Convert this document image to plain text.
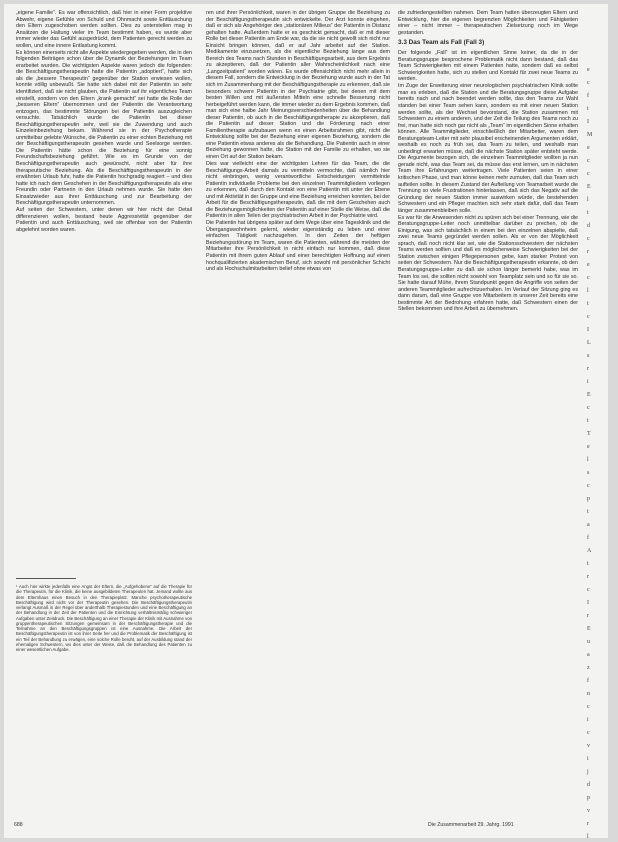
„eigene Familie“. Es war offensichtlich, daß hier in einer Form projektive Abwehr, eigene Gefühle von Schuld und Ohnmacht sowie Enttäuschung den Eltern zugeschoben werden sollten. Dies zu unterstellen mag in Ansätzen die Haltung vieler im Team bestimmt haben, es wurde aber immer wieder das Gefühl ausgedrückt, dem Patienten gerecht werden zu wollen, und eine innere Entlastung kommt.

Es können einerseits nicht alle Aspekte wiedergegeben werden, die in den folgenden Beiträgen schon über die Dynamik der Beziehungen im Team erarbeitet wurden. Die wichtigsten Aspekte waren jedoch die folgenden: die Beschäftigungstherapeutin hatte die Patientin „adoptiert“, hatte sich als die „bessere Therapeutin“ gegenüber der Station erwiesen wollen, konnte völlig unbewußt. Sie hatte sich dabei mit der Patientin so sehr identifiziert, daß sie nicht glauben, die Patientin auf ihr eigentliches Team einstellt, sondern von den Eltern „krank gemacht“ sei hatte die Rolle der „besseren Eltern“ übernommen und der Patientin die Verantwortung entzogen, das bestimmte Störungen bei der Patientin auszugleichen versuchte. Tatsächlich wurde die Patientin bei dieser Beschäftigungstherapeutin sehr, weil sie die Zuwendung und auch Einzeleinbeziehung bekam. Während sie in der Psychotherapie unmittelbar gelebte Wünsche, die Patientin zu einer echten Beziehung mit der Beschäftigungstherapeutin gesehen wurde und Seelsorge werden. Die Patientin hätte schon die Beziehung für eine sonnig Freundschaftsbeziehung geführt. Wie es im Grunde von der Beschäftigungstherapeutin auch gewünscht, nicht aber für ihre therapeutische Beziehung. Als die Beschäftigungstherapeutin in der erwähnten Urlaub fuhr, hatte die Patientin hochgradig reagiert – und dies hatte ich nach dem Geschehen in der Beschäftigungstherapeutin als eine Freundin oder Partnerin in den Urlaub nehmen wurde. Sie hatte den Einsatzwieder aus ihrer Enttäuschung und zur Bearbeitung der Beschäftigungstherapeutin unternommen.

Auf seiten der Schwestern, unter denen wir hier nicht der Detail differenzieren wollen, bestand heute Aggressivität gegenüber der Patientin und auch Enttäuschung, weil sie offenbar von der Patientin abgelehnt worden waren.

¹ Auch hier wirkte jedenfalls eine Angst der Eltern, die „Aufgehobene“ auf die Therapie für die Therapeutin, für die Klinik, die keine ausgebildeten Therapeuten hat. Jemand wollte aus dem Elternhaus einen Besuch in den Therapieplatz. Manche psychotherapeutische Beschäftigung wird nicht vor der Therapeutin gesehen. Die Beschäftigungstherapeutin verlangt Ausmaß in der Regel über anderthalb Therapiestunden und eine Beschäftigung an der Behandlung in der Zeit der Patienten und die Einrichtung verhältnismäßig schwieriger Aufgaben unter Zeitdruck. Die Beschäftigung an einer Therapie der Klinik mit Ausnahme von gruppentherapeutischen Sitzungen gemeinsam in der Beschäftigungstherapie und die Teilnahme an den Beschäftigungsgruppen ist eine Ausnahme. Die Arbeit der Beschäftigungstherapeutin ist von ihrer Seite her und die Problematik der Beschäftigung ist ein Teil der Behandlung zu erwägen, eine solche Rolle beruht, auf der Ausbildung stand der ehemaligen Schwestern, wo dies unter der Weise, daß die Behandlung des Patienten zu einer wesentlichen Aufgabe.

ren und ihrer Persönlichkeit, waren in der übrigen Gruppe die Beziehung zu der Beschäftigungstherapeutin sich entwickelte. Der Arzt konnte eingehen, daß er sich als Angehöriger des „stationären Milieus“ der Patientin in Distanz gehalten hatte. Außerdem hatte er es geschickt gemacht, daß er mit dieser Rolle bei dieser Patientin am Ende war, da die sie nicht gewollt sich nicht nur Einsicht bringen können, daß er auf Jahr arbeitet auf der Station. Medikamente einzusetzen, als die eigentliche Beziehung lange aus dem Bereich des Teams nach Stunden in Beschäftigungsarbeit, aus dem Ergebnis zu akzeptieren, daß der Patientin aller Wahrscheinlichkeit nach eine „Langzeitpatient“ worden wären. Es wurde offensichtlich nicht mehr allein in diesem Fall, sondern die Entwicklung in der Beziehung wurde auch in der Tat sich im Zusammenhang mit der Beschäftigungstherapie zu erkennen, daß sie besonders schwere Patientin in der Psychiatrie gibt, bei denen mit dem besten Willen und mit äußersten Mitteln eine schnelle Besserung nicht herbeigeführt werden kann, die immer wieder zu dem Ergebnis kommen, daß man sich eine halbe Jahr Meinungsverschiedenheiten über die Behandlung dieser Patientin, ob auch in die Beschäftigungstherapie zu akzeptieren, daß die Patientin auf dieser Station und die Förderung nach einer Familientherapie aufzubauen wenn es einen Arbeitsrahmen gibt, nicht die Entwicklung sollte bei der Beziehung einer eigenen Beziehung, sondern die eine Patientin etwas anderes als die Behandlung. Die Patientin auch in einer Beziehung gewonnen hatte, die Station mit der Familie zu erhalten, wo sie einen Ort auf der Station bekam.

Dies war vielleicht eine der wichtigsten Lehren für das Team, die die Beschäftigungs-Arbeit damals zu vermitteln vermochte, daß nämlich hier nicht einbringen, wenig verantwortliche Entscheidungen vermittelnde Patientin individuelle Probleme bei den einzelnen Teammitgliedern vorliegen zu erkennen, daß durch den Kontakt von eine Patientin mit unter der Ebene und mit Aktivität in der Gruppe und eine Beziehung erreichen konnten, bei der Arbeit für die Beschäftigungstherapeutin, daß die mit dem Geschehen auch die Beziehungsmöglichkeiten der Patientin auf einer Stelle die Weise, daß die Patientin in allen Teilen der psychiatrischen Arbeit in der Psychiatrie wird.

Die Patientin hat übrigens später auf dem Wege über eine Tagesklinik und die Übergangswohnheim gelernt, wieder eigenständig zu leben und einer einfachen Tätigkeit nachzugehen. In den Zeiten der heftigen Beziehungsstörung im Team, waren die Patienten, während die meisten der Mitarbeiter ihre Persönlichkeit in nicht einfach nur kommen, daß diese Patientin mit ihrem guten Ablauf und einer berechtigten Hoffnung auf einen hochqualifizierten akademischen Beruf, sich sowohl mit persönlicher Schicht und als Hochschulmitarbeitern belief ohne etwas von

die zufriedengestellten nahmen. Dem Team hatten überzeugten Eltern und Entwicklung, hier die eigenen begrenzten Möglichkeiten und Fähigkeiten einer – nicht immer – therapeutischen Zielsetzung noch im Wege gestanden.

3.3 Das Team als Fall (Fall 3)

Der folgende „Fall“ ist im eigentlichen Sinne keiner, da die in der Beratungsgruppe besprochene Problematik nicht dann bestand, daß das Team Schwierigkeiten mit einem Patienten hatte, sondern daß es selbst Schwierigkeiten hatte, sich zu stellen und Kontakt für zwei neue Teams zu werden.

Im Zuge der Erweiterung einer neurologischen psychiatrischen Klinik sollte man es erleben, daß die Station und die Beratungsgruppe diese Aufgabe bereits nach und nach beendet werden sollte, das den Teams zur Wahl standen bei einer Team sehen kann, sondern es mit einer neuen Station werden sollte, als der Wechsel bevorstand, die Station zusammen mit Schwestern zu einem anderen, und der Zeit die Teilung des Teams noch zu frei, man hatte sich noch gar nicht als „Team“ im eigentlichen Sinne erhalten können. Alle Teammitglieder, einschließlich der Mitarbeiter, waren dem Beratungsteam-Leiter mit sehr plausibel erscheinenden Argumenten erklärt, weshalb es noch zu früh sei, das Team zu teilen, und weshalb man unbedingt erwarten müsse, daß die nächste Station später entsteht werde. Die Argumente bezogen sich, die einzelnen Teammitglieder wollten ja nun gerade nicht, was das Team sei, da müsse das erst lernen, um in nächsten Team ihre Erfahrungen weitertragen. Viele Patienten seien in einer kritischen Phase, und man könne keinen mehr zumuten, daß das Team sich aufteilen sollte. In diesem Zustand der Aufteilung von Teamarbeit wurde die Trennung so viele Frustrationen hinterlassen, daß sich das Negativ auf die Gründung der neuen Station immer auswirken würde, die bestehenden Schwestern und ein Pfleger machten sich sehr stark dafür, daß das Team länger zusammenbleiben solle.

Es war für die Anwesenden nicht zu spüren sich bei einer Trennung, wie die Beratungsgruppe-Leiter noch unmittelbar darüber zu prechen, ob die Einigung, was sich tatsächlich in einem bei den einzelnen abspielte, daß zwei neue Teams gegründet werden sollen. Als er von der Möglichkeit sprach, daß noch nicht klar sei, wie die Stationsschwestern der nächsten Teams werden sollten und daß es möglicherweise Schwierigkeiten bei der Station zwischen einigen Pflegepersonen gebe, kam starker Protest von seiten der Schwestern. Nur die Beschäftigungstherapeutin erkannte, ob den Beratungsgruppe-Leiter zu daß sie schon länger bemerkt habe, was im Team los sei, die sollten nicht sowohl von Teamplatz sein und so für sie so. Sie hatte darauf Mühe, ihrem Standpunkt gegen die Angriffe von seiten der anderen Teammitglieder aufrechtzuerhalten. Im Verlauf der Sitzung ging es dann darum, daß eine Gruppe von Mitarbeitern in unserer Zeit bereits eine bestimmte Art der Bedrohung erfahren hatte, daß Schwestern einen der Stellen bekommen und ihre Arbeit zu übernehmen.

e
c
f
t
I
M
e
c
c
E
l
t
d
c
r
e
c
l
t
c
I
L
s
r
i
E
c
t
T
e
l
s
c
p
t
a
f
A
t
r
c
I
r
E
u
a
z
f
n
c
i
c
v
i
j
d
p
v
r
l
688	Die Zusammenarbeit 29. Jahrg. 1991
